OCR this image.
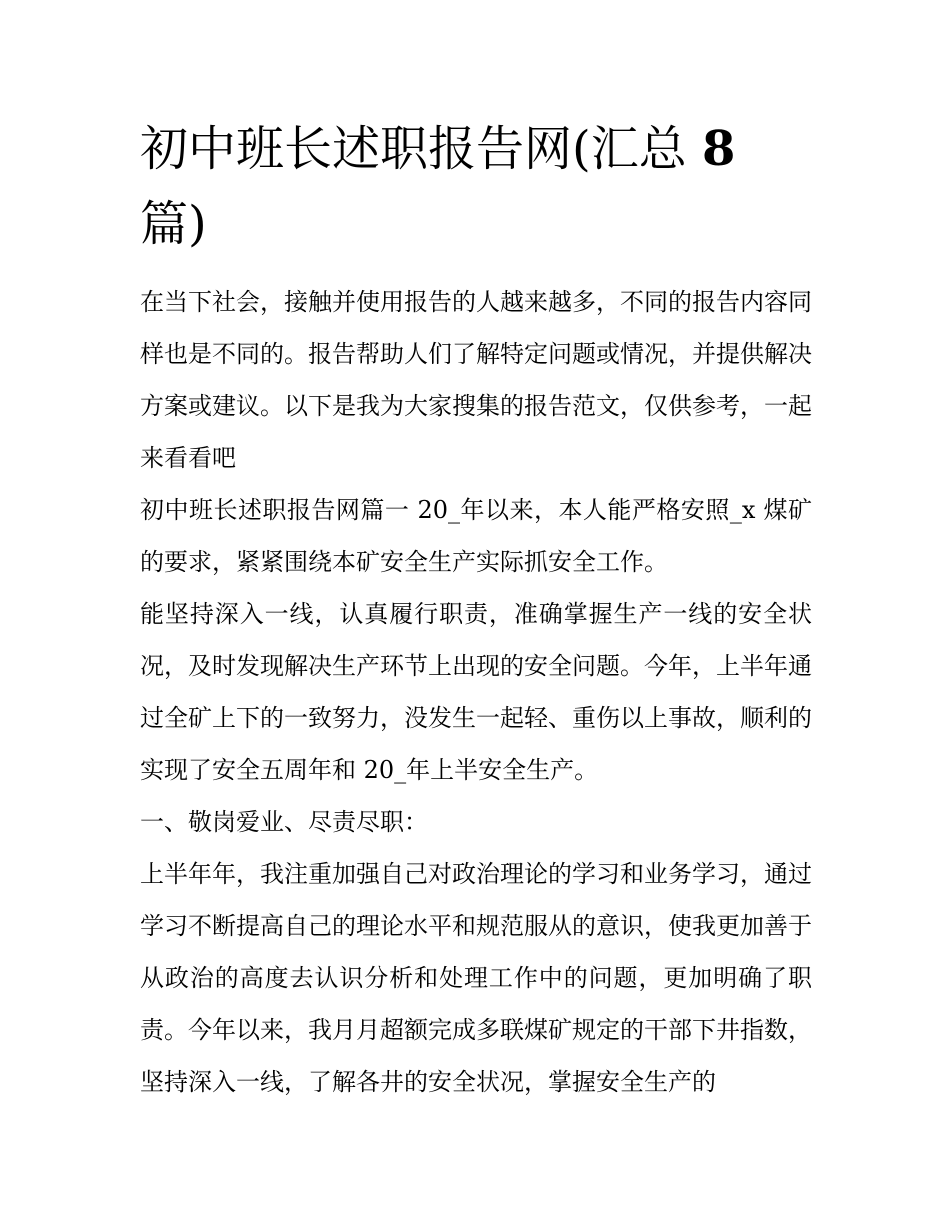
初中班长述职报告网(汇总 8
篇)

在当下社会，接触并使用报告的人越来越多，不同的报告内容同样也是不同的。报告帮助人们了解特定问题或情况，并提供解决方案或建议。以下是我为大家搜集的报告范文，仅供参考，一起来看看吧

初中班长述职报告网篇一 20_年以来，本人能严格安照_x 煤矿的要求，紧紧围绕本矿安全生产实际抓安全工作。

能坚持深入一线，认真履行职责，准确掌握生产一线的安全状况，及时发现解决生产环节上出现的安全问题。今年，上半年通过全矿上下的一致努力，没发生一起轻、重伤以上事故，顺利的实现了安全五周年和 20_年上半安全生产。

一、敬岗爱业、尽责尽职：

上半年年，我注重加强自己对政治理论的学习和业务学习，通过学习不断提高自己的理论水平和规范服从的意识，使我更加善于从政治的高度去认识分析和处理工作中的问题，更加明确了职责。今年以来，我月月超额完成多联煤矿规定的干部下井指数，坚持深入一线，了解各井的安全状况，掌握安全生产的
